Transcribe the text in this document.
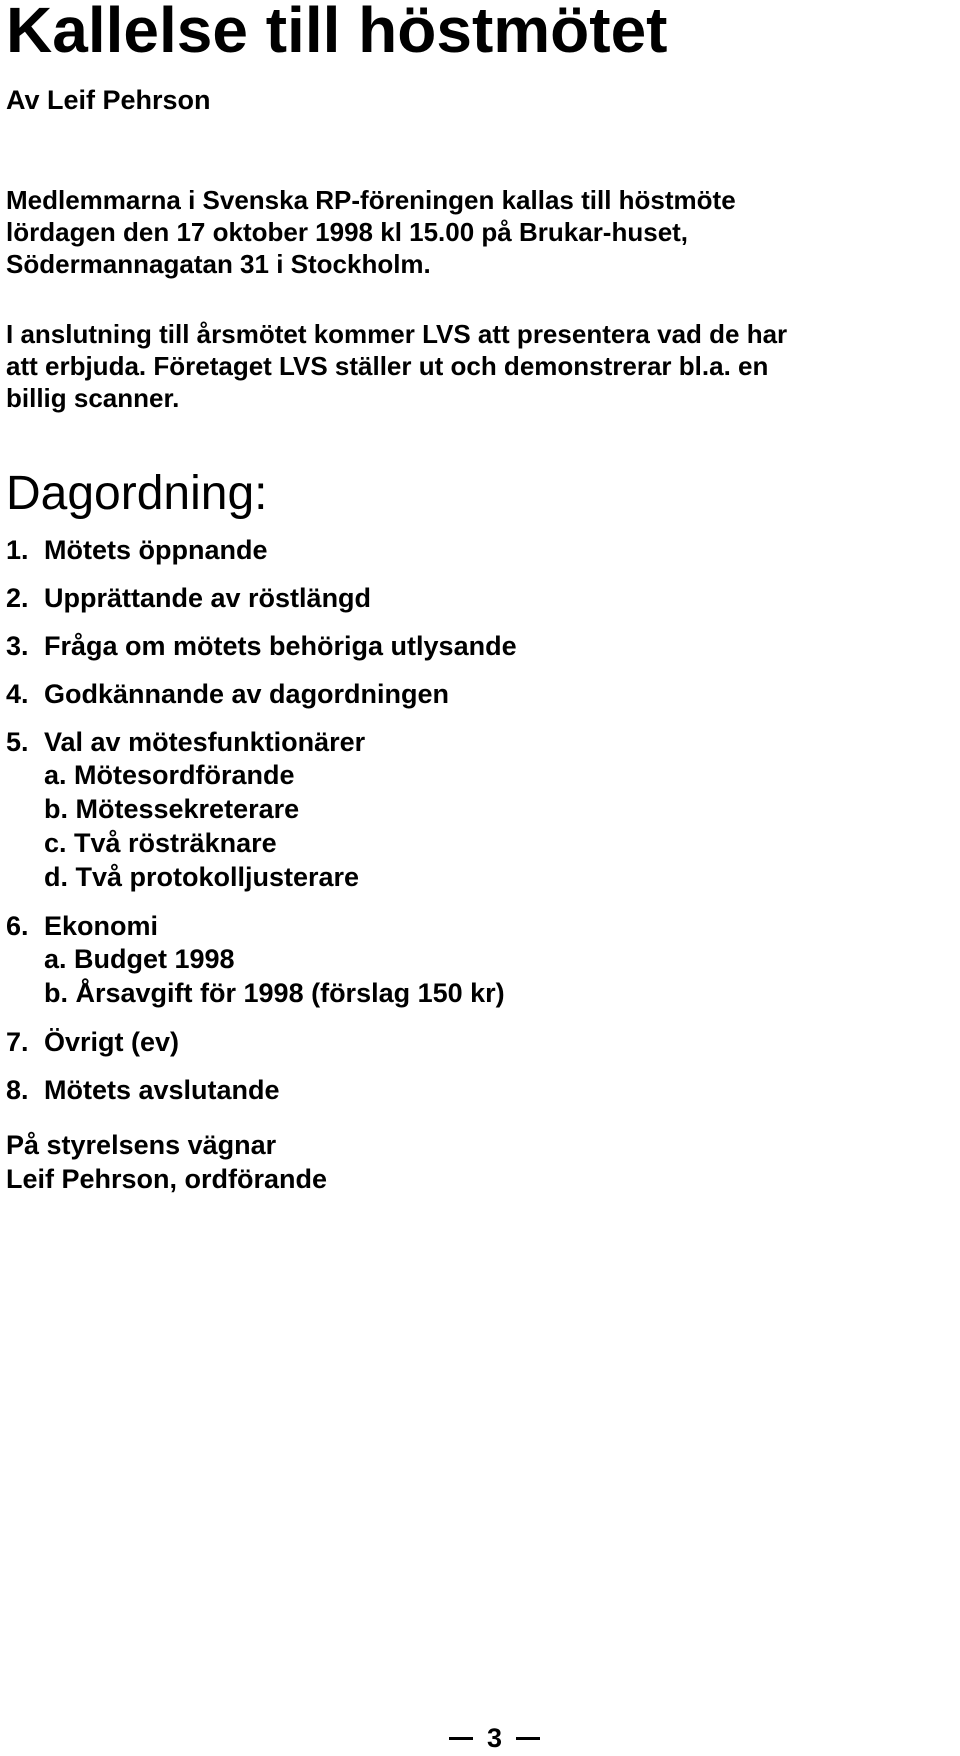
Kallelse till höstmötet
Av Leif Pehrson

Medlemmarna i Svenska RP-föreningen kallas till höstmöte
lördagen den 17 oktober 1998 kl 15.00 på Brukar-huset,
Södermannagatan 31 i Stockholm.

I anslutning till årsmötet kommer LVS att presentera vad de har
att erbjuda. Företaget LVS ställer ut och demonstrerar bl.a. en
billig scanner.

Dagordning:
1. Mötets öppnande
2. Upprättande av röstlängd
3. Fråga om mötets behöriga utlysande
4. Godkännande av dagordningen
5. Val av mötesfunktionärer
a. Mötesordförande
b. Mötessekreterare
c. Två rösträknare
d. Två protokolljusterare
6. Ekonomi
a. Budget 1998
b. Årsavgift för 1998 (förslag 150 kr)
7. Övrigt (ev)
8. Mötets avslutande
På styrelsens vägnar
Leif Pehrson, ordförande
3
